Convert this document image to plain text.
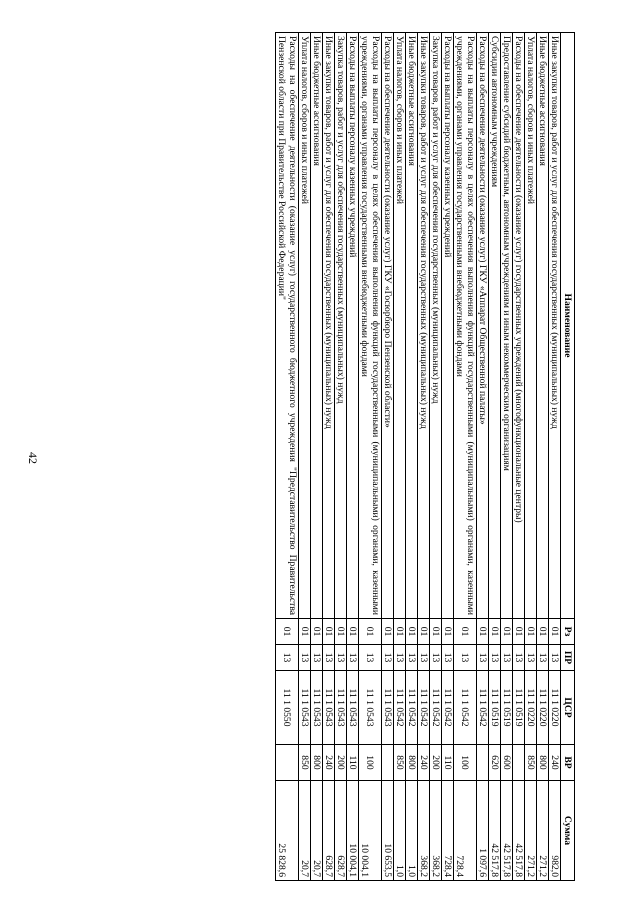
42
Наименование	Рз	ПР	ЦСР	ВР	Сумма
Иные закупки товаров, работ и услуг для обеспечения государственных (муниципальных) нужд	01	13	11 1 0220	240	982,0
Иные бюджетные ассигнования	01	13	11 1 0220	800	271,2
Уплата налогов, сборов и иных платежей	01	13	11 1 0220	850	271,2
Расходы на обеспечение деятельности (оказание услуг) государственных учреждений (многофункциональные центры)	01	13	11 1 0519		42 517,8
Предоставление субсидий бюджетным, автономным учреждениям и иным некоммерческим организациям	01	13	11 1 0519	600	42 517,8
Субсидии автономным учреждениям	01	13	11 1 0519	620	42 517,8
Расходы на обеспечение деятельности (оказание услуг) ГКУ «Аппарат Общественной палаты»	01	13	11 1 0542		1 097,6
Расходы на выплаты персоналу в целях обеспечения выполнения функций государственными (муниципальными) органами, казенными учреждениями, органами управления государственными внебюджетными фондами	01	13	11 1 0542	100	728,4
Расходы на выплаты персоналу казенных учреждений	01	13	11 1 0542	110	728,4
Закупка товаров, работ и услуг для обеспечения государственных (муниципальных) нужд	01	13	11 1 0542	200	368,2
Иные закупки товаров, работ и услуг для обеспечения государственных (муниципальных) нужд	01	13	11 1 0542	240	368,2
Иные бюджетные ассигнования	01	13	11 1 0542	800	1,0
Уплата налогов, сборов и иных платежей	01	13	11 1 0542	850	1,0
Расходы на обеспечение деятельности (оказание услуг) ГКУ «Госюрбюро Пензенской области»	01	13	11 1 0543		10 653,5
Расходы на выплаты персоналу в целях обеспечения выполнения функций государственными (муниципальными) органами, казенными учреждениями, органами управления государственными внебюджетными фондами	01	13	11 1 0543	100	10 004,1
Расходы на выплаты персоналу казенных учреждений	01	13	11 1 0543	110	10 004,1
Закупка товаров, работ и услуг для обеспечения государственных (муниципальных) нужд	01	13	11 1 0543	200	628,7
Иные закупки товаров, работ и услуг для обеспечения государственных (муниципальных) нужд	01	13	11 1 0543	240	628,7
Иные бюджетные ассигнования	01	13	11 1 0543	800	20,7
Уплата налогов, сборов и иных платежей	01	13	11 1 0543	850	20,7
Расходы на обеспечение деятельности (оказание услуг) государственного бюджетного учреждения "Представительство Правительства Пензенской области при Правительстве Российской Федерации"	01	13	11 1 0550		25 828,6
